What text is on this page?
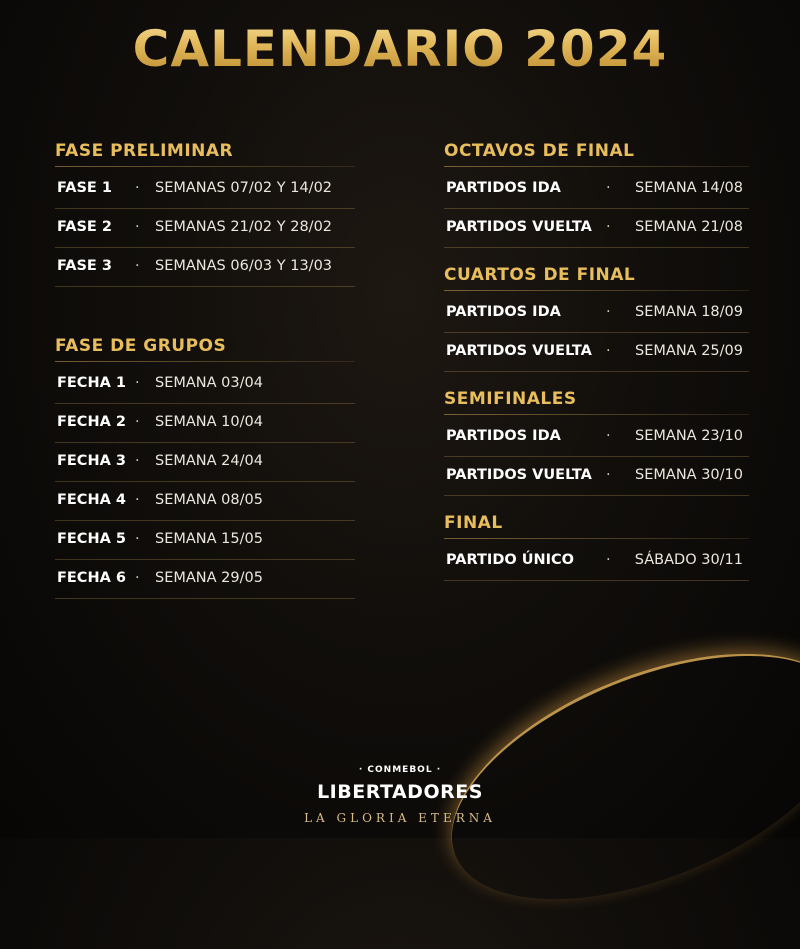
CALENDARIO 2024
FASE PRELIMINAR
FASE 1 · SEMANAS 07/02 Y 14/02
FASE 2 · SEMANAS 21/02 Y 28/02
FASE 3 · SEMANAS 06/03 Y 13/03
FASE DE GRUPOS
FECHA 1 · SEMANA 03/04
FECHA 2 · SEMANA 10/04
FECHA 3 · SEMANA 24/04
FECHA 4 · SEMANA 08/05
FECHA 5 · SEMANA 15/05
FECHA 6 · SEMANA 29/05
OCTAVOS DE FINAL
PARTIDOS IDA	· SEMANA 14/08
PARTIDOS VUELTA · SEMANA 21/08
CUARTOS DE FINAL
PARTIDOS IDA	· SEMANA 18/09
PARTIDOS VUELTA · SEMANA 25/09
SEMIFINALES
PARTIDOS IDA	· SEMANA 23/10
PARTIDOS VUELTA · SEMANA 30/10
FINAL
PARTIDO ÚNICO · SÁBADO 30/11
· CONMEBOL ·
LIBERTADORES
LA GLORIA ETERNA
